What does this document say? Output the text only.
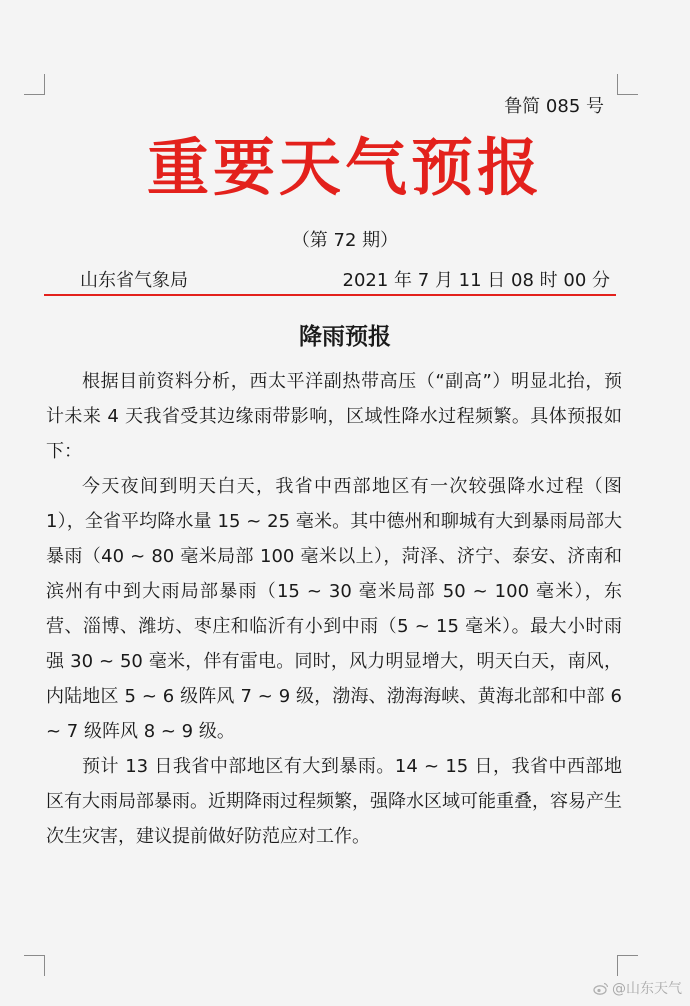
鲁简 085 号
重要天气预报
（第 72 期）
山东省气象局	2021 年 7 月 11 日 08 时 00 分
降雨预报

根据目前资料分析，西太平洋副热带高压（“副高”）明显北抬，预计未来 4 天我省受其边缘雨带影响，区域性降水过程频繁。具体预报如下：

今天夜间到明天白天，我省中西部地区有一次较强降水过程（图 1），全省平均降水量 15 ~ 25 毫米。其中德州和聊城有大到暴雨局部大暴雨（40 ~ 80 毫米局部 100 毫米以上），菏泽、济宁、泰安、济南和滨州有中到大雨局部暴雨（15 ~ 30 毫米局部 50 ~ 100 毫米），东营、淄博、潍坊、枣庄和临沂有小到中雨（5 ~ 15 毫米）。最大小时雨强 30 ~ 50 毫米，伴有雷电。同时，风力明显增大，明天白天，南风，内陆地区 5 ~ 6 级阵风 7 ~ 9 级，渤海、渤海海峡、黄海北部和中部 6 ~ 7 级阵风 8 ~ 9 级。

预计 13 日我省中部地区有大到暴雨。14 ~ 15 日，我省中西部地区有大雨局部暴雨。近期降雨过程频繁，强降水区域可能重叠，容易产生次生灾害，建议提前做好防范应对工作。

@山东天气
